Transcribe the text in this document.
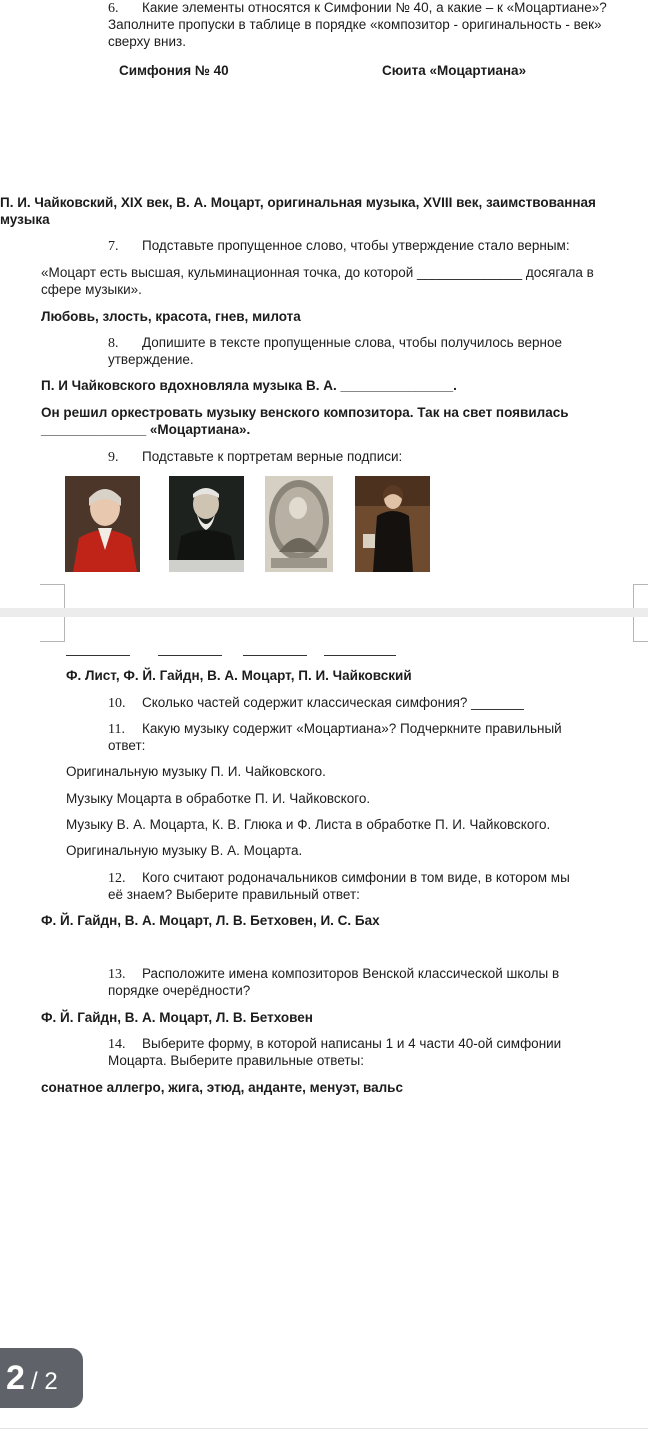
6. Какие элементы относятся к Симфонии № 40, а какие – к «Моцартиане»?
Заполните пропуски в таблице в порядке «композитор - оригинальность - век»
сверху вниз.
Симфония № 40	Сюита «Моцартиана»
П. И. Чайковский, XIX век, В. А. Моцарт, оригинальная музыка, XVIII век, заимствованная
музыка
7. Подставьте пропущенное слово, чтобы утверждение стало верным:
«Моцарт есть высшая, кульминационная точка, до которой ______________ досягала в
сфере музыки».
Любовь, злость, красота, гнев, милота
8. Допишите в тексте пропущенные слова, чтобы получилось верное
утверждение.
П. И Чайковского вдохновляла музыка В. А. _______________.
Он решил оркестровать музыку венского композитора. Так на свет появилась
______________ «Моцартиана».
9. Подставьте к портретам верные подписи:
Ф. Лист, Ф. Й. Гайдн, В. А. Моцарт, П. И. Чайковский
10. Сколько частей содержит классическая симфония? _______
11. Какую музыку содержит «Моцартиана»? Подчеркните правильный
ответ:
Оригинальную музыку П. И. Чайковского.
Музыку Моцарта в обработке П. И. Чайковского.
Музыку В. А. Моцарта, К. В. Глюка и Ф. Листа в обработке П. И. Чайковского.
Оригинальную музыку В. А. Моцарта.
12. Кого считают родоначальников симфонии в том виде, в котором мы
её знаем? Выберите правильный ответ:
Ф. Й. Гайдн, В. А. Моцарт, Л. В. Бетховен, И. С. Бах
13. Расположите имена композиторов Венской классической школы в
порядке очерёдности?
Ф. Й. Гайдн, В. А. Моцарт, Л. В. Бетховен
14. Выберите форму, в которой написаны 1 и 4 части 40-ой симфонии
Моцарта. Выберите правильные ответы:
сонатное аллегро, жига, этюд, анданте, менуэт, вальс
2 / 2
